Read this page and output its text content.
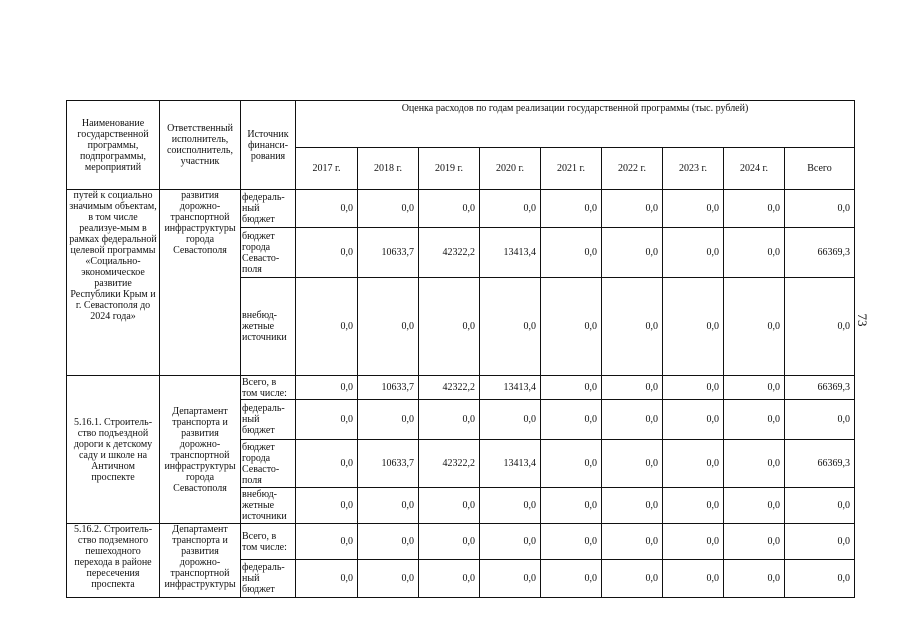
73
Наименование государственной программы, подпрограммы, мероприятий	Ответственный исполнитель, соисполнитель, участник	Источник финанси-рования	Оценка расходов по годам реализации государственной программы (тыс. рублей)								
			2017 г.	2018 г.	2019 г.	2020 г.	2021 г.	2022 г.	2023 г.	2024 г.	Всего
путей к социально значимым объектам, в том числе реализуе-мым в рамках федеральной целевой программы «Социально-экономическое развитие Республики Крым и г. Севастополя до 2024 года»	развития дорожно-транспортной инфраструктуры города Севастополя	федераль-ный бюджет	0,0	0,0	0,0	0,0	0,0	0,0	0,0	0,0	0,0
		бюджет города Севасто-поля	0,0	10633,7	42322,2	13413,4	0,0	0,0	0,0	0,0	66369,3
		внебюд-жетные источники	0,0	0,0	0,0	0,0	0,0	0,0	0,0	0,0	0,0
5.16.1. Строитель-ство подъездной дороги к детскому саду и школе на Античном проспекте	Департамент транспорта и развития дорожно-транспортной инфраструктуры города Севастополя	Всего, в том числе:	0,0	10633,7	42322,2	13413,4	0,0	0,0	0,0	0,0	66369,3
		федераль-ный бюджет	0,0	0,0	0,0	0,0	0,0	0,0	0,0	0,0	0,0
		бюджет города Севасто-поля	0,0	10633,7	42322,2	13413,4	0,0	0,0	0,0	0,0	66369,3
		внебюд-жетные источники	0,0	0,0	0,0	0,0	0,0	0,0	0,0	0,0	0,0
5.16.2. Строитель-ство подземного пешеходного перехода в районе пересечения проспекта	Департамент транспорта и развития дорожно-транспортной инфраструктуры	Всего, в том числе:	0,0	0,0	0,0	0,0	0,0	0,0	0,0	0,0	0,0
		федераль-ный бюджет	0,0	0,0	0,0	0,0	0,0	0,0	0,0	0,0	0,0
